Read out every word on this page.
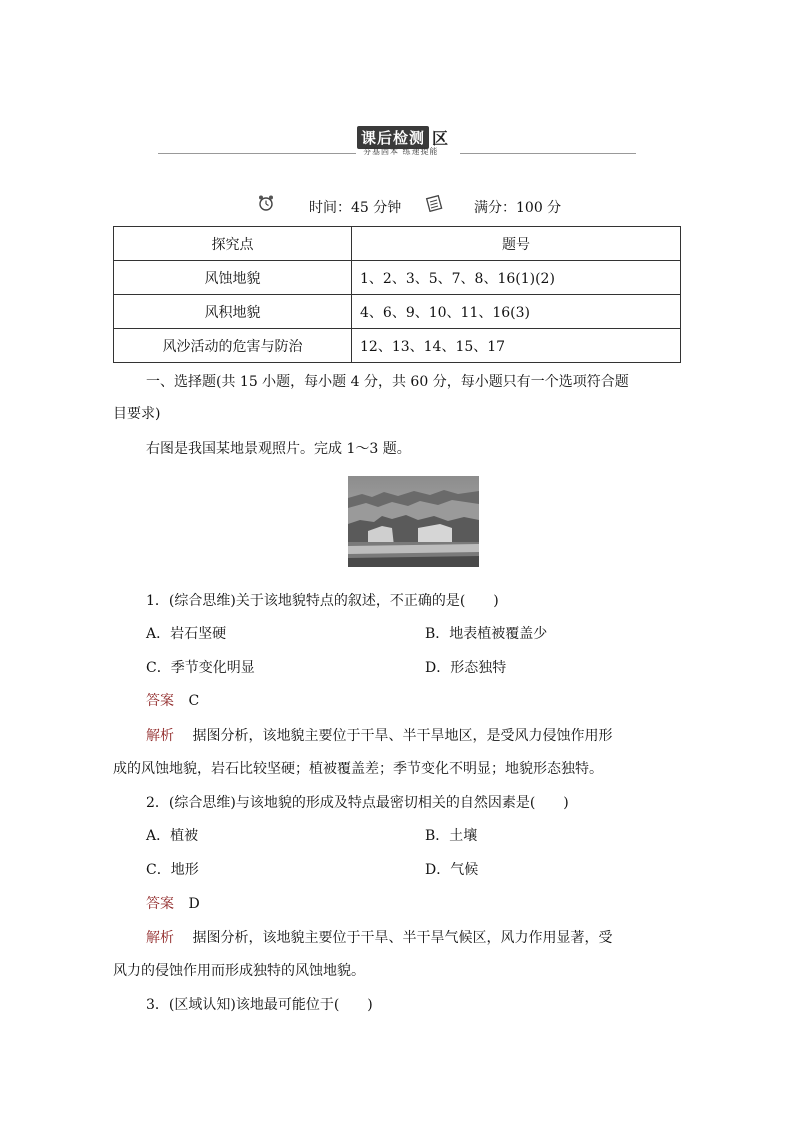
课后检测 区
夯基固本 练速提能
时间：45 分钟	满分：100 分
探究点	题号
风蚀地貌	1、2、3、5、7、8、16(1)(2)
风积地貌	4、6、9、10、11、16(3)
风沙活动的危害与防治	12、13、14、15、17
一、选择题(共 15 小题，每小题 4 分，共 60 分，每小题只有一个选项符合题
目要求)
右图是我国某地景观照片。完成 1～3 题。
1．(综合思维)关于该地貌特点的叙述，不正确的是(　　)
A．岩石坚硬	B．地表植被覆盖少
C．季节变化明显	D．形态独特
答案 C
解析 据图分析，该地貌主要位于干旱、半干旱地区，是受风力侵蚀作用形
成的风蚀地貌，岩石比较坚硬；植被覆盖差；季节变化不明显；地貌形态独特。
2．(综合思维)与该地貌的形成及特点最密切相关的自然因素是(　　)
A．植被	B．土壤
C．地形	D．气候
答案 D
解析 据图分析，该地貌主要位于干旱、半干旱气候区，风力作用显著，受
风力的侵蚀作用而形成独特的风蚀地貌。
3．(区域认知)该地最可能位于(　　)
